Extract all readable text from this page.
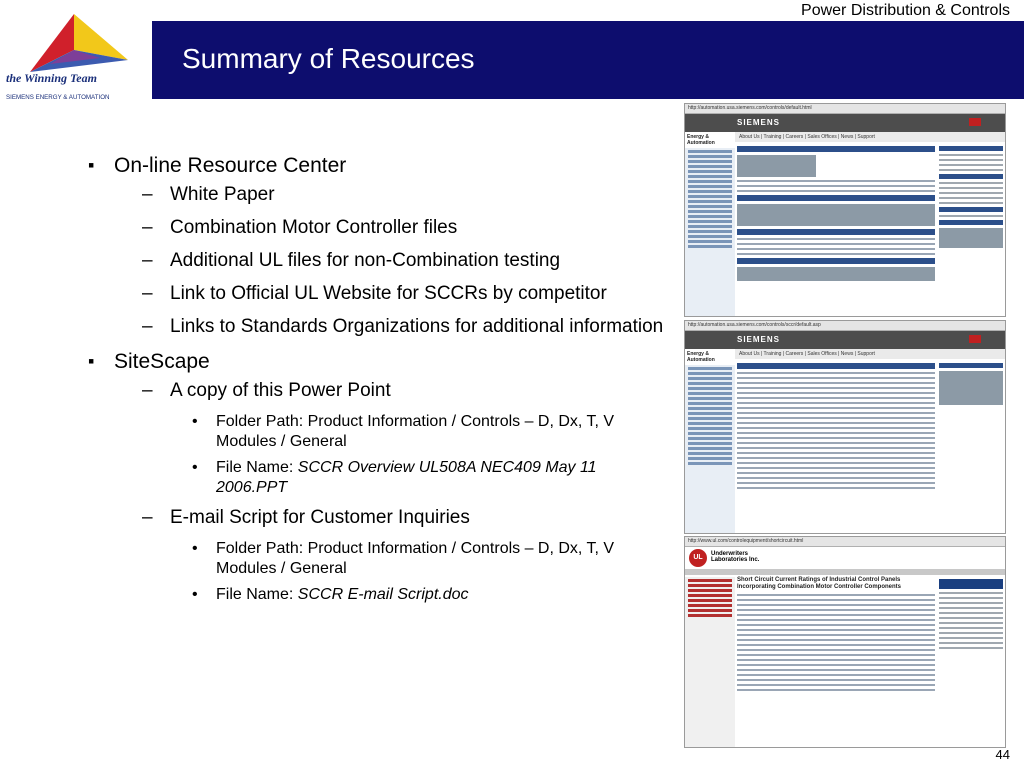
Power Distribution & Controls
the Winning Team
SIEMENS ENERGY & AUTOMATION
Summary of Resources
▪ On-line Resource Center
– White Paper
– Combination Motor Controller files
– Additional UL files for non-Combination testing
– Link to Official UL Website for SCCRs by competitor
– Links to Standards Organizations for additional information
▪ SiteScape
– A copy of this Power Point
• Folder Path: Product Information / Controls – D, Dx, T, V Modules / General
• File Name: SCCR Overview UL508A NEC409 May 11 2006.PPT
– E-mail Script for Customer Inquiries
• Folder Path: Product Information / Controls – D, Dx, T, V Modules / General
• File Name: SCCR E-mail Script.doc
http://automation.usa.siemens.com/controls/default.html
SIEMENS
About Us | Training | Careers | Sales Offices | News | Support
Energy & Automation
http://automation.usa.siemens.com/controls/sccr/default.asp
SIEMENS
About Us | Training | Careers | Sales Offices | News | Support
Energy & Automation
http://www.ul.com/controlequipment/shortcircuit.html
UL	Underwriters Laboratories Inc.
Short Circuit Current Ratings of Industrial Control Panels Incorporating Combination Motor Controller Components
44
